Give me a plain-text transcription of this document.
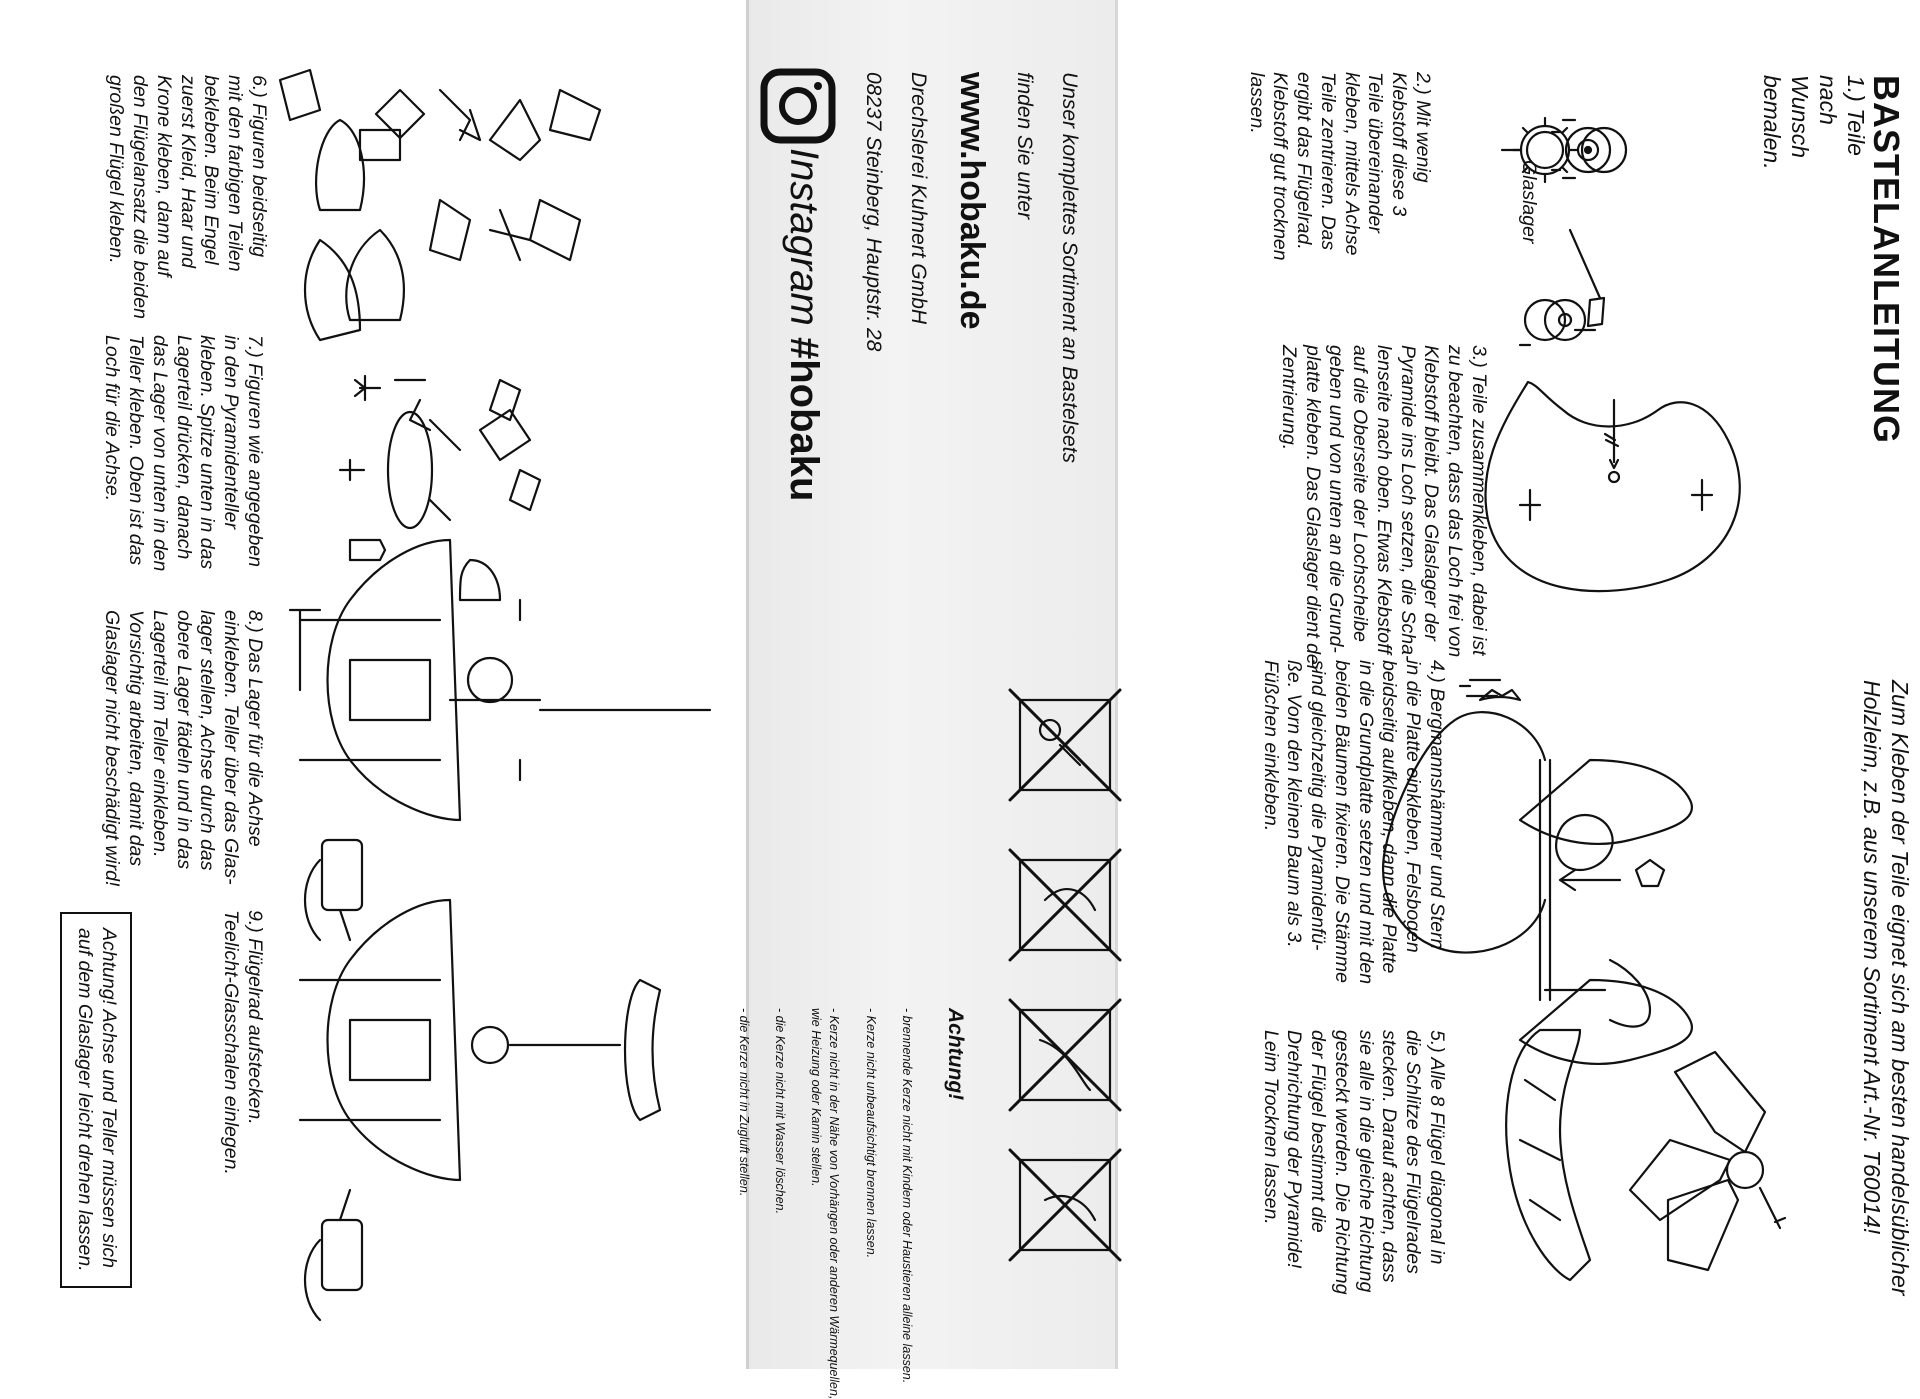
BASTELANLEITUNG
1.) Teile nach Wunsch bemalen.
Zum Kleben der Teile eignet sich am besten handelsüblicher Holzleim, z.B. aus unserem Sortiment Art.-Nr. T60014!
Glaslager
2.) Mit wenig
Klebstoff diese 3
Teile übereinander
kleben, mittels Achse
Teile zentrieren. Das
ergibt das Flügelrad.
Klebstoff gut trocknen
lassen.
3.) Teile zusammenkleben, dabei ist
zu beachten, dass das Loch frei von
Klebstoff bleibt. Das Glaslager der
Pyramide ins Loch setzen, die Scha-
lenseite nach oben. Etwas Klebstoff
auf die Oberseite der Lochscheibe
geben und von unten an die Grund-
platte kleben. Das Glaslager dient der
Zentrierung.
4.) Bergmannshämmer und Stern
in die Platte einkleben, Felsbogen
beidseitig aufkleben, dann die Platte
in die Grundplatte setzen und mit den
beiden Bäumen fixieren. Die Stämme
sind gleichzeitig die Pyramidenfü-
ße. Vorn den kleinen Baum als 3.
Füßchen einkleben.
5.) Alle 8 Flügel diagonal in
die Schlitze des Flügelrades
stecken. Darauf achten, dass
sie alle in die gleiche Richtung
gesteckt werden. Die Richtung
der Flügel bestimmt die
Drehrichtung der Pyramide!
Leim Trocknen lassen.
Achtung!

- brennende Kerze nicht mit Kindern oder Haustieren alleine lassen.

- Kerze nicht unbeaufsichtigt brennen lassen.

- Kerze nicht in der Nähe von Vorhängen oder anderen Wärmequellen,
wie Heizung oder Kamin stellen.

- die Kerze nicht mit Wasser löschen.

- die Kerze nicht in Zugluft stellen.

Unser komplettes Sortiment an Bastelsets

finden Sie unter

www.hobaku.de

Drechslerei Kuhnert GmbH

08237 Steinberg, Hauptstr. 28

Instagram #hobaku
6.) Figuren beidseitig
mit den farbigen Teilen
bekleben. Beim Engel
zuerst Kleid, Haar und
Krone kleben, dann auf
den Flügelansatz die beiden
großen Flügel kleben.
7.) Figuren wie angegeben
in den Pyramidenteller
kleben. Spitze unten in das
Lagerteil drücken, danach
das Lager von unten in den
Teller kleben. Oben ist das
Loch für die Achse.
8.) Das Lager für die Achse
einkleben. Teller über das Glas-
lager stellen, Achse durch das
obere Lager fädeln und in das
Lagerteil im Teller einkleben.
Vorsichtig arbeiten, damit das
Glaslager nicht beschädigt wird!
9.) Flügelrad aufstecken.
Teelicht-Glasschalen einlegen.
Achtung! Achse und Teller müssen sich
auf dem Glaslager leicht drehen lassen.
